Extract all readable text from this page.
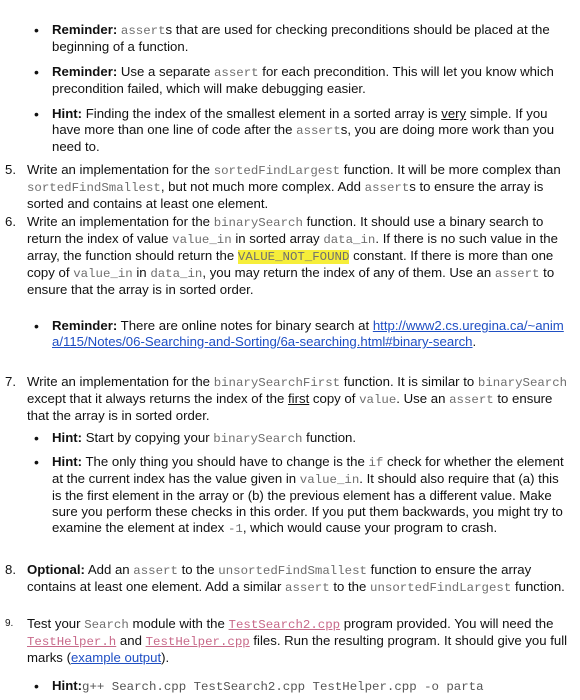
• Reminder: asserts that are used for checking preconditions should be placed at the beginning of a function.
• Reminder: Use a separate assert for each precondition. This will let you know which precondition failed, which will make debugging easier.
• Hint: Finding the index of the smallest element in a sorted array is very simple. If you have more than one line of code after the asserts, you are doing more work than you need to.
5. Write an implementation for the sortedFindLargest function. It will be more complex than sortedFindSmallest, but not much more complex. Add asserts to ensure the array is sorted and contains at least one element.
6. Write an implementation for the binarySearch function. It should use a binary search to return the index of value value_in in sorted array data_in. If there is no such value in the array, the function should return the VALUE_NOT_FOUND constant. If there is more than one copy of value_in in data_in, you may return the index of any of them. Use an assert to ensure that the array is in sorted order.
• Reminder: There are online notes for binary search at http://www2.cs.uregina.ca/~anima/115/Notes/06-Searching-and-Sorting/6a-searching.html#binary-search.
7. Write an implementation for the binarySearchFirst function. It is similar to binarySearch except that it always returns the index of the first copy of value. Use an assert to ensure that the array is in sorted order.
• Hint: Start by copying your binarySearch function.
• Hint: The only thing you should have to change is the if check for whether the element at the current index has the value given in value_in. It should also require that (a) this is the first element in the array or (b) the previous element has a different value. Make sure you perform these checks in this order. If you put them backwards, you might try to examine the element at index -1, which would cause your program to crash.
8. Optional: Add an assert to the unsortedFindSmallest function to ensure the array contains at least one element. Add a similar assert to the unsortedFindLargest function.
9. Test your Search module with the TestSearch2.cpp program provided. You will need the TestHelper.h and TestHelper.cpp files. Run the resulting program. It should give you full marks (example output).
• Hint:g++ Search.cpp TestSearch2.cpp TestHelper.cpp -o parta
